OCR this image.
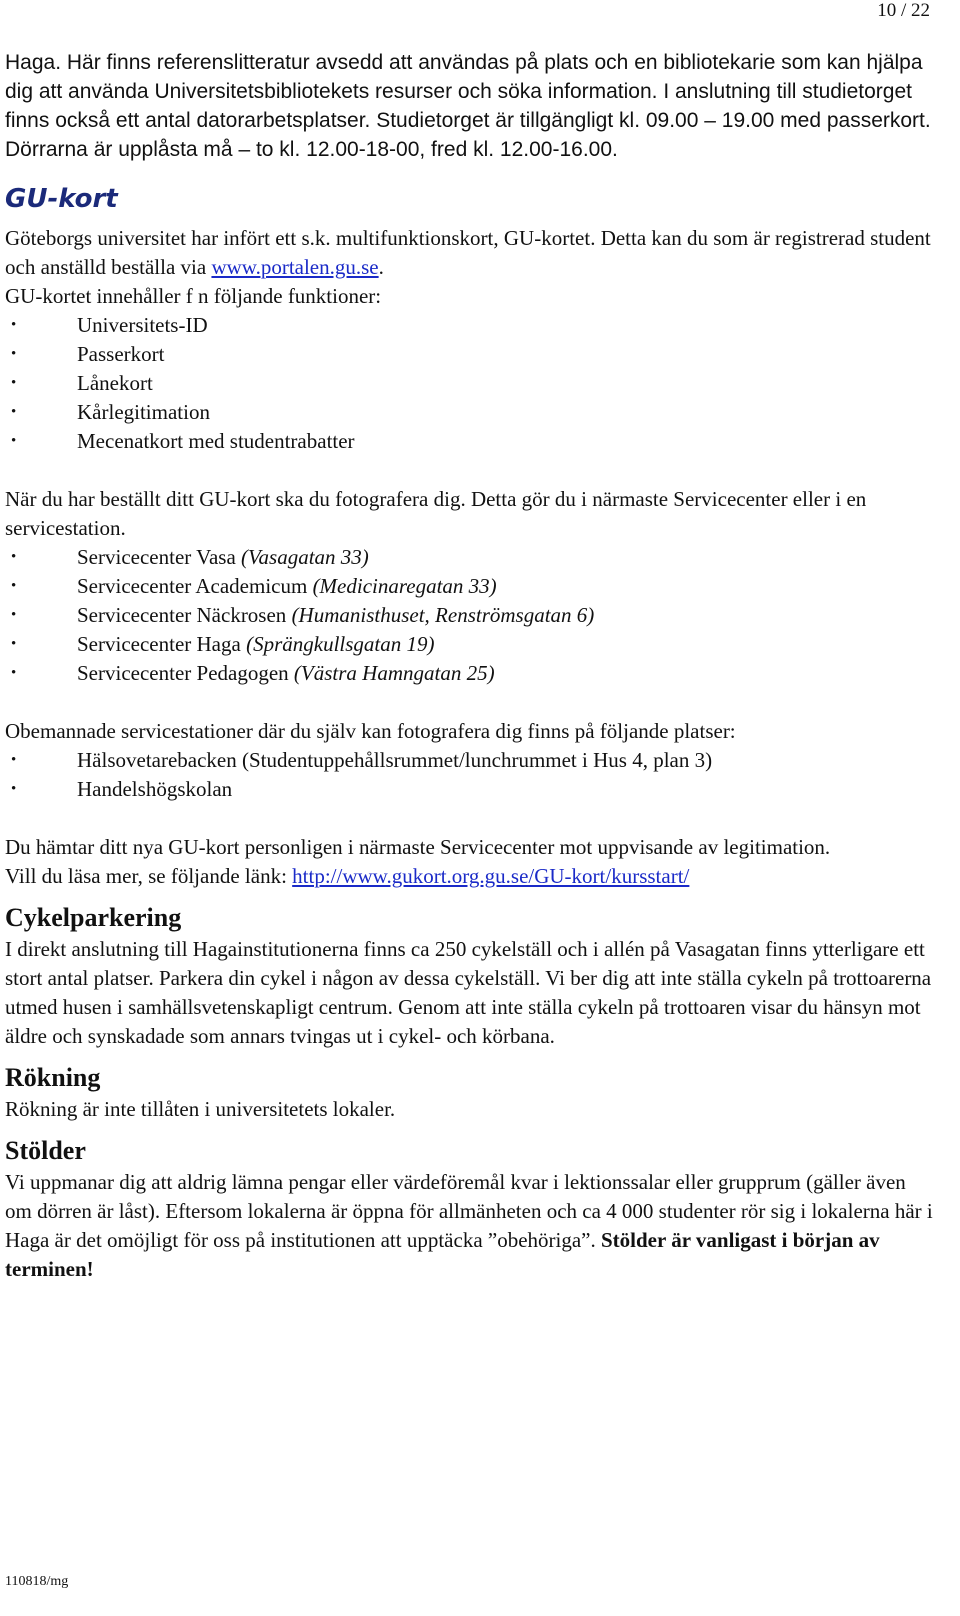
10 / 22

Haga. Här finns referenslitteratur avsedd att användas på plats och en bibliotekarie som kan hjälpa dig att använda Universitetsbibliotekets resurser och söka information. I anslutning till studietorget finns också ett antal datorarbetsplatser. Studietorget är tillgängligt kl. 09.00 – 19.00 med passerkort. Dörrarna är upplåsta må – to kl. 12.00-18-00, fred kl. 12.00-16.00.

GU-kort

Göteborgs universitet har infört ett s.k. multifunktionskort, GU-kortet. Detta kan du som är registrerad student och anställd beställa via www.portalen.gu.se.

GU-kortet innehåller f n följande funktioner:

• Universitets-ID
• Passerkort
• Lånekort
• Kårlegitimation
• Mecenatkort med studentrabatter

När du har beställt ditt GU-kort ska du fotografera dig. Detta gör du i närmaste Servicecenter eller i en servicestation.

• Servicecenter Vasa (Vasagatan 33)
• Servicecenter Academicum (Medicinaregatan 33)
• Servicecenter Näckrosen (Humanisthuset, Renströmsgatan 6)
• Servicecenter Haga (Sprängkullsgatan 19)
• Servicecenter Pedagogen (Västra Hamngatan 25)

Obemannade servicestationer där du själv kan fotografera dig finns på följande platser:

• Hälsovetarebacken (Studentuppehållsrummet/lunchrummet i Hus 4, plan 3)
• Handelshögskolan

Du hämtar ditt nya GU-kort personligen i närmaste Servicecenter mot uppvisande av legitimation.

Vill du läsa mer, se följande länk: http://www.gukort.org.gu.se/GU-kort/kursstart/

Cykelparkering

I direkt anslutning till Hagainstitutionerna finns ca 250 cykelställ och i allén på Vasagatan finns ytterligare ett stort antal platser. Parkera din cykel i någon av dessa cykelställ. Vi ber dig att inte ställa cykeln på trottoarerna utmed husen i samhällsvetenskapligt centrum. Genom att inte ställa cykeln på trottoaren visar du hänsyn mot äldre och synskadade som annars tvingas ut i cykel- och körbana.

Rökning

Rökning är inte tillåten i universitetets lokaler.

Stölder

Vi uppmanar dig att aldrig lämna pengar eller värdeföremål kvar i lektionssalar eller grupprum (gäller även om dörren är låst). Eftersom lokalerna är öppna för allmänheten och ca 4 000 studenter rör sig i lokalerna här i Haga är det omöjligt för oss på institutionen att upptäcka ”obehöriga”. Stölder är vanligast i början av terminen!

110818/mg
